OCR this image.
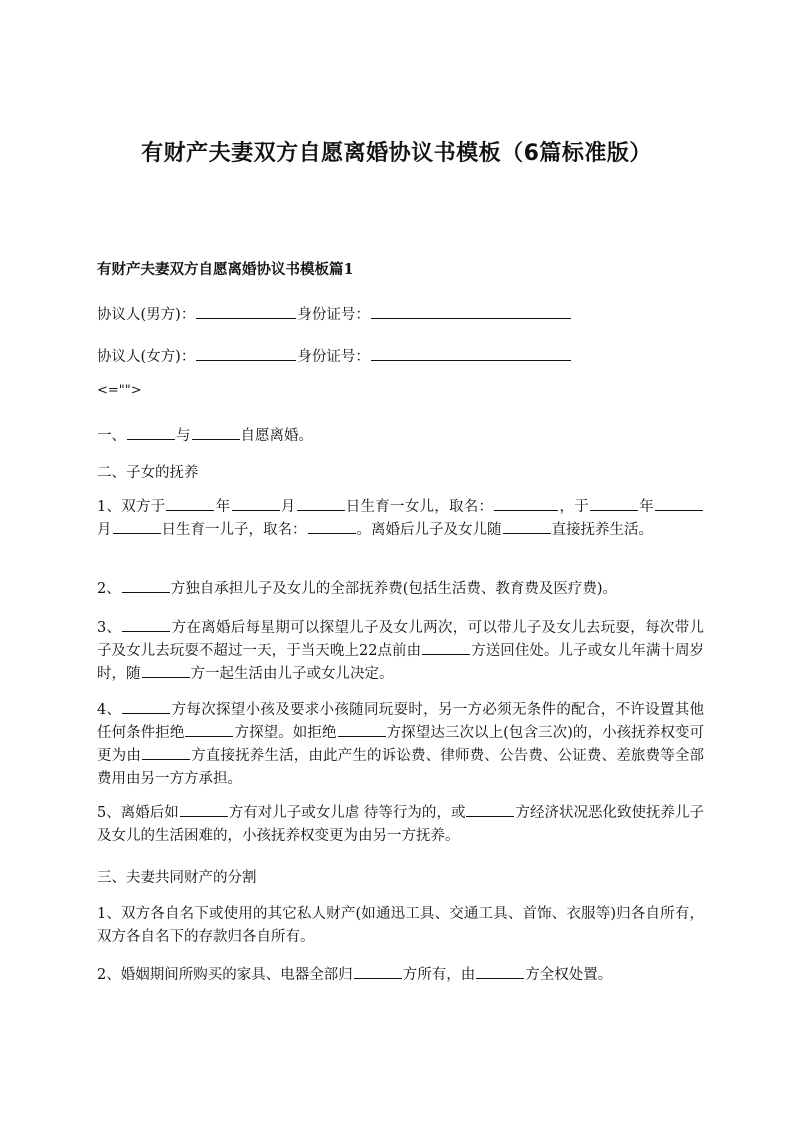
有财产夫妻双方自愿离婚协议书模板（6篇标准版）
有财产夫妻双方自愿离婚协议书模板篇1
协议人(男方)：	身份证号：
协议人(女方)：	身份证号：
<="">
一、	与	自愿离婚。
二、子女的抚养
1、双方于	年	月	日生育一女儿，取名：	，于	年月	日生育一儿子，取名：	。离婚后儿子及女儿随	直接抚养生活。
2、	方独自承担儿子及女儿的全部抚养费(包括生活费、教育费及医疗费)。
3、	方在离婚后每星期可以探望儿子及女儿两次，可以带儿子及女儿去玩耍，每次带儿子及女儿去玩耍不超过一天，于当天晚上22点前由	方送回住处。儿子或女儿年满十周岁时，随	方一起生活由儿子或女儿决定。
4、	方每次探望小孩及要求小孩随同玩耍时，另一方必须无条件的配合，不许设置其他任何条件拒绝	方探望。如拒绝	方探望达三次以上(包含三次)的，小孩抚养权变可更为由	方直接抚养生活，由此产生的诉讼费、律师费、公告费、公证费、差旅费等全部费用由另一方方承担。
5、离婚后如	方有对儿子或女儿虐 待等行为的，或	方经济状况恶化致使抚养儿子及女儿的生活困难的，小孩抚养权变更为由另一方抚养。
三、夫妻共同财产的分割
1、双方各自名下或使用的其它私人财产(如通迅工具、交通工具、首饰、衣服等)归各自所有，双方各自名下的存款归各自所有。
2、婚姻期间所购买的家具、电器全部归	方所有，由	方全权处置。
